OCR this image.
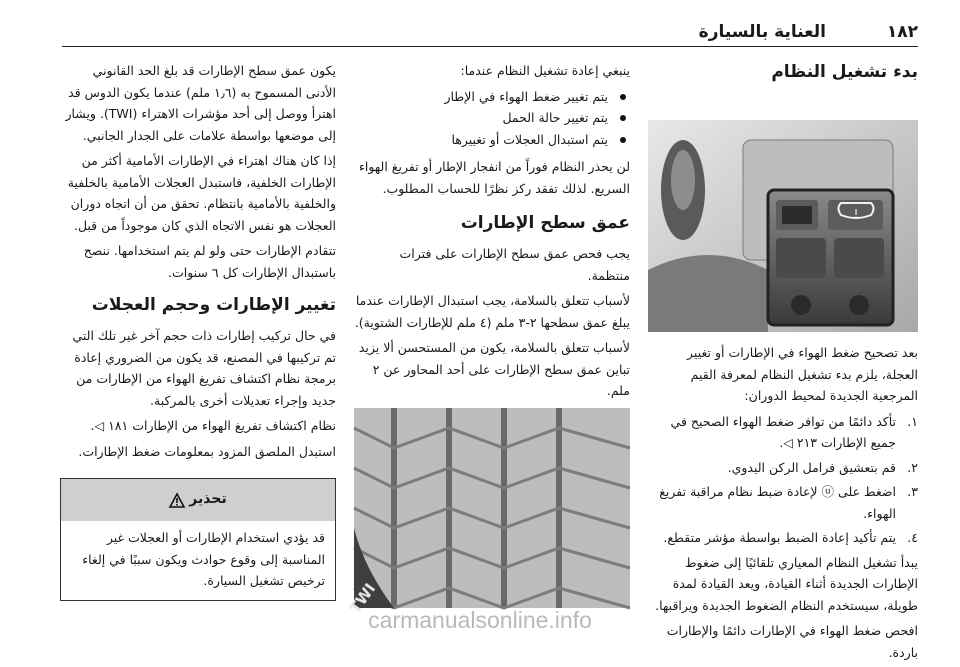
١٨٢
العناية بالسيارة
بدء تشغيل النظام
!

بعد تصحيح ضغط الهواء في الإطارات أو تغيير العجلة، يلزم بدء تشغيل النظام لمعرفة القيم المرجعية الجديدة لمحيط الدوران:

١.
تأكد دائمًا من توافر ضغط الهواء الصحيح في جميع الإطارات ٢١٣ ◁.
٢.
قم بتعشيق فرامل الركن اليدوي.
٣.
اضغط على ⓤ لإعادة ضبط نظام مراقبة تفريغ الهواء.
٤.
يتم تأكيد إعادة الضبط بواسطة مؤشر متقطع.

يبدأ تشغيل النظام المعياري تلقائيًا إلى ضغوط الإطارات الجديدة أثناء القيادة، ويعد القيادة لمدة طويلة، سيستخدم النظام الضغوط الجديدة ويراقبها.

افحص ضغط الهواء في الإطارات دائمًا والإطارات باردة.

ينبغي إعادة تشغيل النظام عندما:

يتم تغيير ضغط الهواء في الإطار
يتم تغيير حالة الحمل
يتم استبدال العجلات أو تغييرها

لن يحذر النظام فوراً من انفجار الإطار أو تفريغ الهواء السريع. لذلك تفقد ركز نظرًا للحساب المطلوب.

عمق سطح الإطارات

يجب فحص عمق سطح الإطارات على فترات منتظمة.

لأسباب تتعلق بالسلامة، يجب استبدال الإطارات عندما يبلغ عمق سطحها ٢-٣ ملم (٤ ملم للإطارات الشتوية).

لأسباب تتعلق بالسلامة، يكون من المستحسن ألا يزيد تباين عمق سطح الإطارات على أحد المحاور عن ٢ ملم.

TWI

يكون عمق سطح الإطارات قد بلغ الحد القانوني الأدنى المسموح به (١٫٦ ملم) عندما يكون الدوس قد اهترأ ووصل إلى أحد مؤشرات الاهتراء (TWI). ويشار إلى موضعها بواسطة علامات على الجدار الجانبي.

إذا كان هناك اهتراء في الإطارات الأمامية أكثر من الإطارات الخلفية، فاستبدل العجلات الأمامية بالخلفية والخلفية بالأمامية بانتظام. تحقق من أن اتجاه دوران العجلات هو نفس الاتجاه الذي كان موجوداً من قبل.

تتقادم الإطارات حتى ولو لم يتم استخدامها. ننصح باستبدال الإطارات كل ٦ سنوات.

تغيير الإطارات وحجم العجلات

في حال تركيب إطارات ذات حجم آخر غير تلك التي تم تركيبها في المصنع، قد يكون من الضروري إعادة برمجة نظام اكتشاف تفريغ الهواء من الإطارات من جديد وإجراء تعديلات أخرى بالمركبة.

نظام اكتشاف تفريغ الهواء من الإطارات ١٨١ ◁.

استبدل الملصق المزود بمعلومات ضغط الإطارات.

تحذير
قد يؤدي استخدام الإطارات أو العجلات غير المناسبة إلى وقوع حوادث ويكون سببًا في إلغاء ترخيص تشغيل السيارة.
carmanualsonline.info
